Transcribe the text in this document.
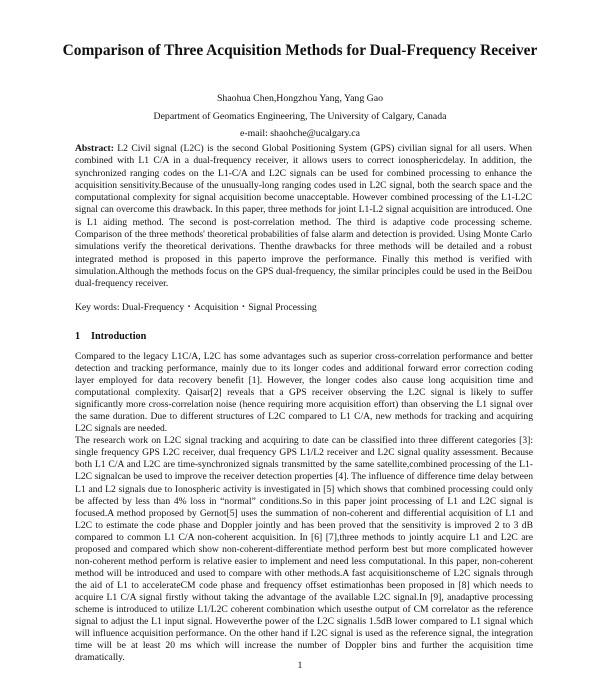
Comparison of Three Acquisition Methods for Dual-Frequency Receiver
Shaohua Chen,Hongzhou Yang, Yang Gao
Department of Geomatics Engineering, The University of Calgary, Canada
e-mail: shaohche@ucalgary.ca
Abstract: L2 Civil signal (L2C) is the second Global Positioning System (GPS) civilian signal for all users. When combined with L1 C/A in a dual-frequency receiver, it allows users to correct ionosphericdelay. In addition, the synchronized ranging codes on the L1-C/A and L2C signals can be used for combined processing to enhance the acquisition sensitivity.Because of the unusually-long ranging codes used in L2C signal, both the search space and the computational complexity for signal acquisition become unacceptable. However combined processing of the L1-L2C signal can overcome this drawback. In this paper, three methods for joint L1-L2 signal acquisition are introduced. One is L1 aiding method. The second is post-correlation method. The third is adaptive code processing scheme. Comparison of the three methods' theoretical probabilities of false alarm and detection is provided. Using Monte Carlo simulations verify the theoretical derivations. Thenthe drawbacks for three methods will be detailed and a robust integrated method is proposed in this paperto improve the performance. Finally this method is verified with simulation.Although the methods focus on the GPS dual-frequency, the similar principles could be used in the BeiDou dual-frequency receiver.
Key words: Dual-Frequency・Acquisition・Signal Processing
1 Introduction

Compared to the legacy L1C/A, L2C has some advantages such as superior cross-correlation performance and better detection and tracking performance, mainly due to its longer codes and additional forward error correction coding layer employed for data recovery benefit [1]. However, the longer codes also cause long acquisition time and computational complexity. Qaisar[2] reveals that a GPS receiver observing the L2C signal is likely to suffer significantly more cross-correlation noise (hence requiring more acquisition effort) than observing the L1 signal over the same duration. Due to different structures of L2C compared to L1 C/A, new methods for tracking and acquiring L2C signals are needed.

The research work on L2C signal tracking and acquiring to date can be classified into three different categories [3]: single frequency GPS L2C receiver, dual frequency GPS L1/L2 receiver and L2C signal quality assessment. Because both L1 C/A and L2C are time-synchronized signals transmitted by the same satellite,combined processing of the L1-L2C signalcan be used to improve the receiver detection properties [4]. The influence of difference time delay between L1 and L2 signals due to Ionospheric activity is investigated in [5] which shows that combined processing could only be affected by less than 4% loss in “normal” conditions.So in this paper joint processing of L1 and L2C signal is focused.A method proposed by Gernot[5] uses the summation of non-coherent and differential acquisition of L1 and L2C to estimate the code phase and Doppler jointly and has been proved that the sensitivity is improved 2 to 3 dB compared to common L1 C/A non-coherent acquisition. In [6] [7],three methods to jointly acquire L1 and L2C are proposed and compared which show non-coherent-differentiate method perform best but more complicated however non-coherent method perform is relative easier to implement and need less computational. In this paper, non-coherent method will be introduced and used to compare with other methods.A fast acquisitionscheme of L2C signals through the aid of L1 to accelerateCM code phase and frequency offset estimationhas been proposed in [8] which needs to acquire L1 C/A signal firstly without taking the advantage of the available L2C signal.In [9], anadaptive processing scheme is introduced to utilize L1/L2C coherent combination which usesthe output of CM correlator as the reference signal to adjust the L1 input signal. Howeverthe power of the L2C signalis 1.5dB lower compared to L1 signal which will influence acquisition performance. On the other hand if L2C signal is used as the reference signal, the integration time will be at least 20 ms which will increase the number of Doppler bins and further the acquisition time dramatically.

1
